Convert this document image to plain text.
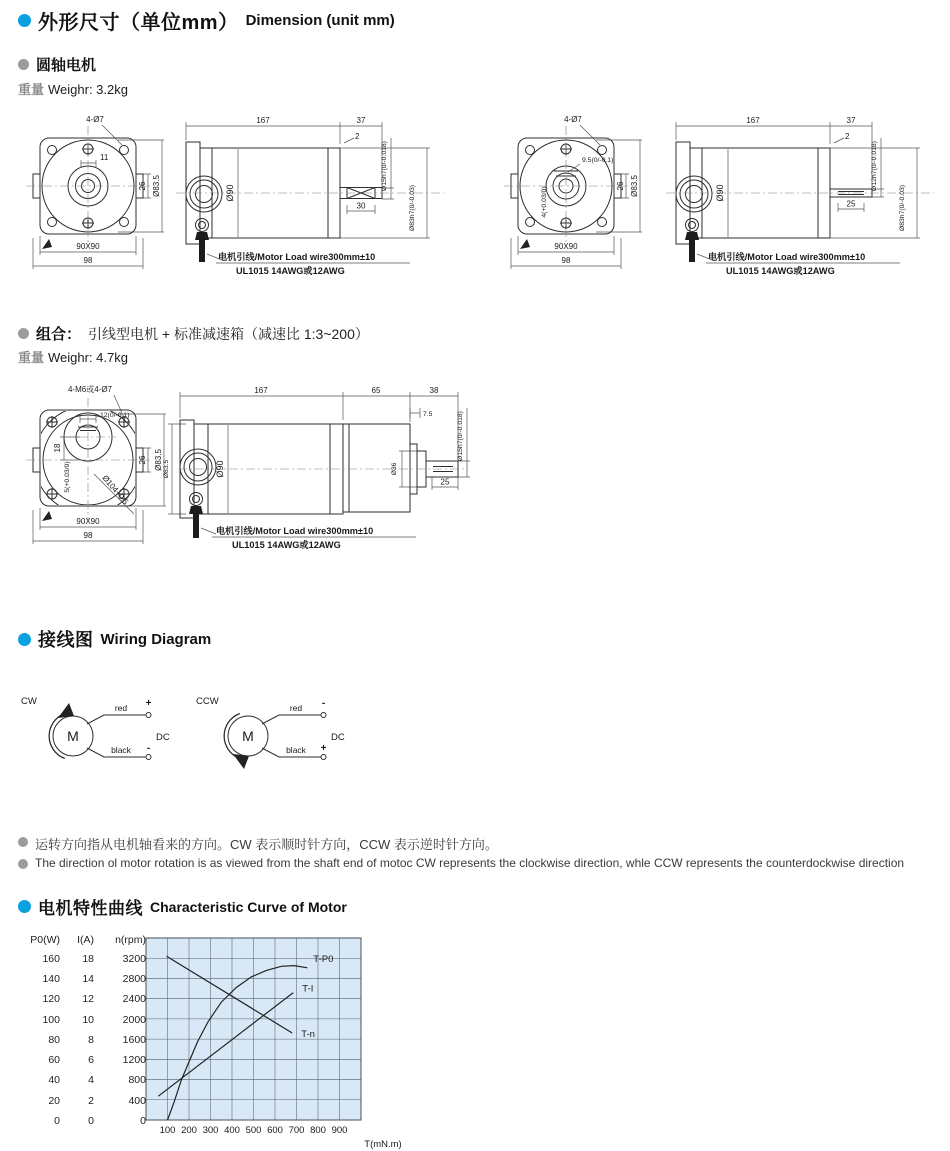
外形尺寸（单位mm） Dimension (unit mm)
圆轴电机
重量 Weighr: 3.2kg
4-Ø7
11
26 Ø83.5
90X90
98
167	37
2
Ø90
30
Ø15h7(0/-0.018)
Ø83h7(0/-0.03)
电机引线/Motor Load wire300mm±10
UL1015 14AWG或12AWG
4-Ø7
9.5(0/-0.1)
4(+0.03/0)
26 Ø83.5
90X90
98
167	37
2
Ø90
25
Ø12h7(0/-0.018)
Ø83h7(0/-0.03)
电机引线/Motor Load wire300mm±10
UL1015 14AWG或12AWG
组合： 引线型电机 + 标准减速箱（减速比 1:3~200）
重量 Weighr: 4.7kg
4-M6或4-Ø7
12(0/-0.1)
18
5(+0.03/0)	Ø104+0.5
26 Ø83.5
90X90
98
Ø83.5
167	65	38
7.5
Ø90	Ø36
25
Ø15h7(0/-0.018)
电机引线/Motor Load wire300mm±10
UL1015 14AWG或12AWG
接线图 Wiring Diagram
CW
M
red
black
+
-
DC
CCW
M
red
black
-
+
DC
运转方向指从电机轴看来的方向。CW 表示顺时针方向，CCW 表示逆时针方向。
The direction ol motor rotation is as viewed from the shaft end of motoc CW represents the clockwise direction, whle CCW represents the counterdockwise direction
电机特性曲线 Characteristic Curve of Motor
P0(W)
160
140
120
100
80
60
40
20
0
I(A)
18
14
12
10
8
6
4
2
0
n(rpm)
3200
2800
2400
2000
1600
1200
800
400
0
T-P0
T-I
T-n
100 200 300 400 500 600 700 800 900
T(mN.m)
